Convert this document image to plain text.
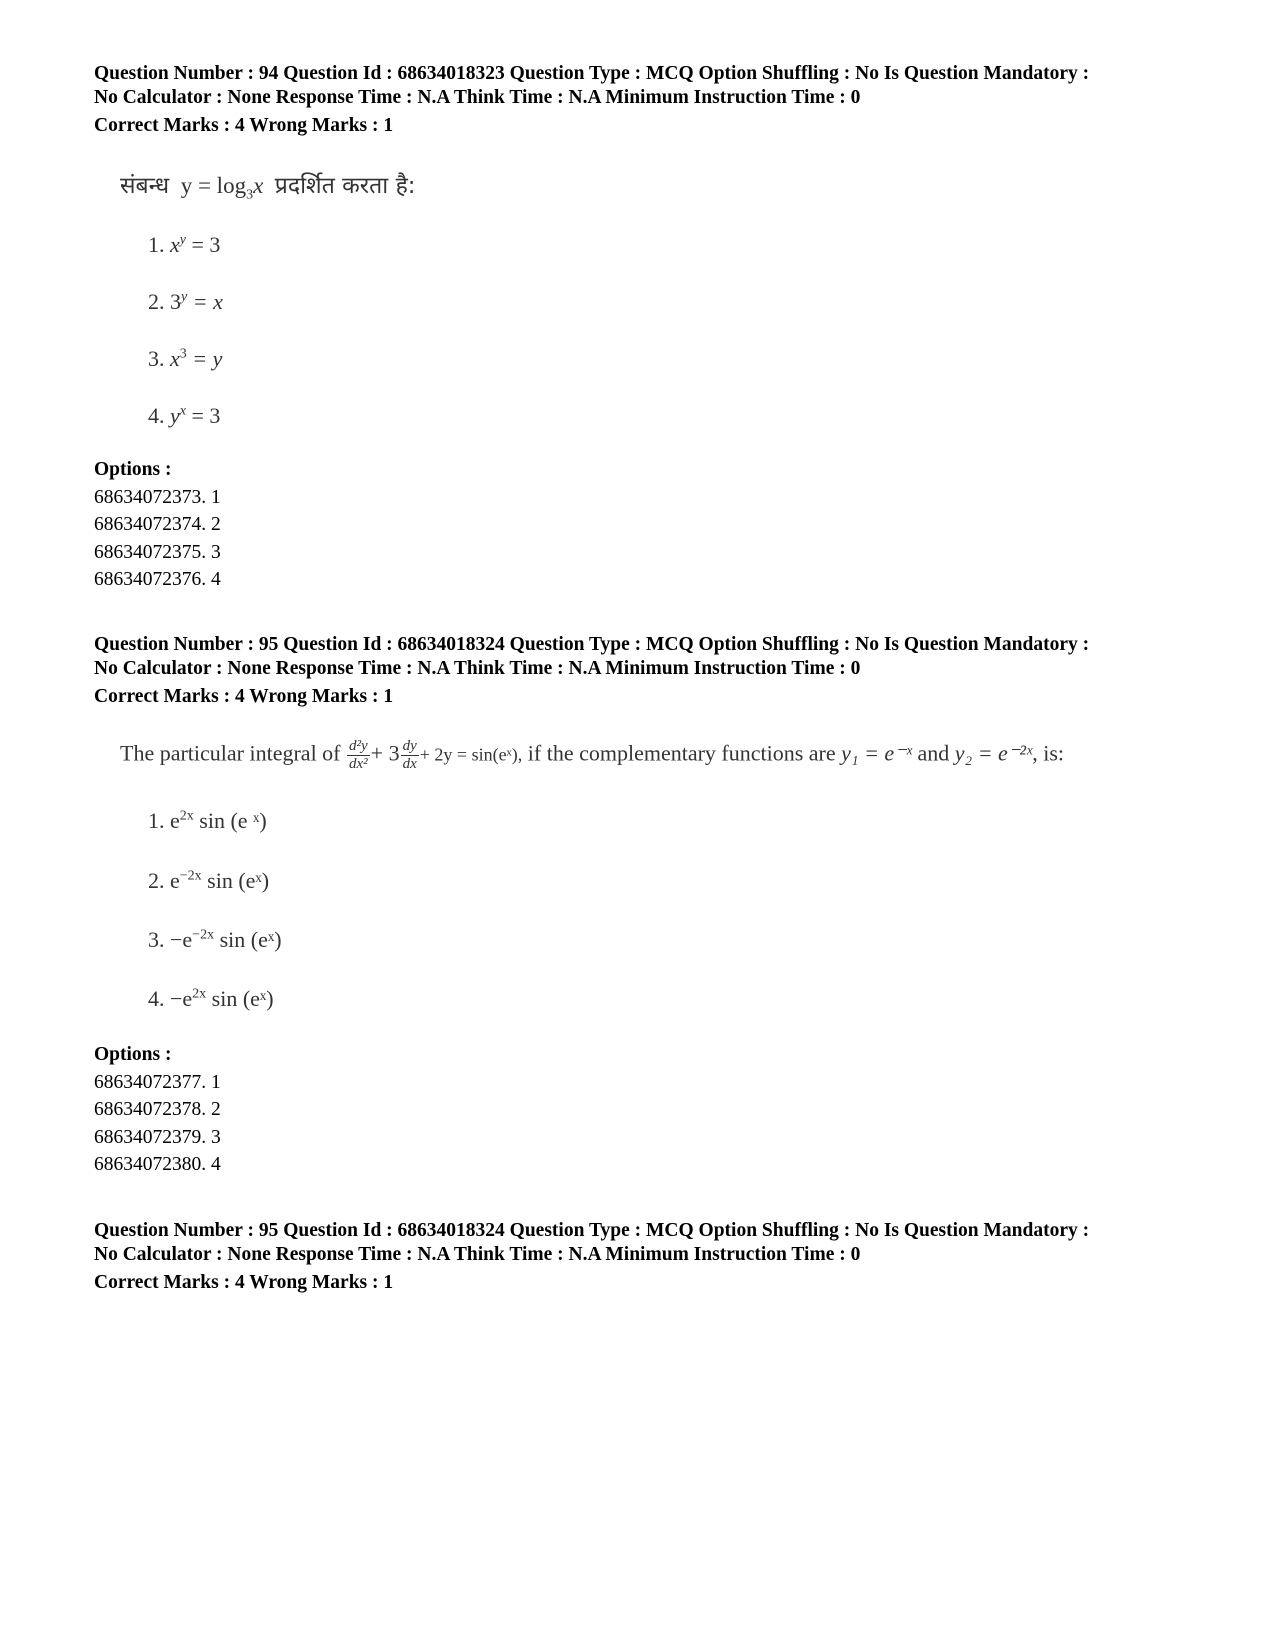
Question Number : 94 Question Id : 68634018323 Question Type : MCQ Option Shuffling : No Is Question Mandatory :
No Calculator : None Response Time : N.A Think Time : N.A Minimum Instruction Time : 0
Correct Marks : 4 Wrong Marks : 1
संबन्ध $y = \log_3x$ प्रदर्शित करता है:
1. $x^y = 3$
2. $3^y = x$
3. $x^3 = y$
4. $y^x = 3$
Options :
68634072373. 1
68634072374. 2
68634072375. 3
68634072376. 4
Question Number : 95 Question Id : 68634018324 Question Type : MCQ Option Shuffling : No Is Question Mandatory :
No Calculator : None Response Time : N.A Think Time : N.A Minimum Instruction Time : 0
Correct Marks : 4 Wrong Marks : 1
The particular integral of $\frac{\text{d²y}}{\text{dx²}} + 3 \frac{dy}{dx} + 2y$ = sin(eˣ), if the complementary functions are y₁ = e⁻ˣ and y₂ = e⁻²ˣ, is:
1. $e^{2x}$ sin (e ˣ)
2. $e^{-2x}$ sin (eˣ)
3. $-e^{-2x}$ sin (eˣ)
4. $-e^{2x}$ sin (eˣ)
Options :
68634072377. 1
68634072378. 2
68634072379. 3
68634072380. 4
Question Number : 95 Question Id : 68634018324 Question Type : MCQ Option Shuffling : No Is Question Mandatory :
No Calculator : None Response Time : N.A Think Time : N.A Minimum Instruction Time : 0
Correct Marks : 4 Wrong Marks : 1
